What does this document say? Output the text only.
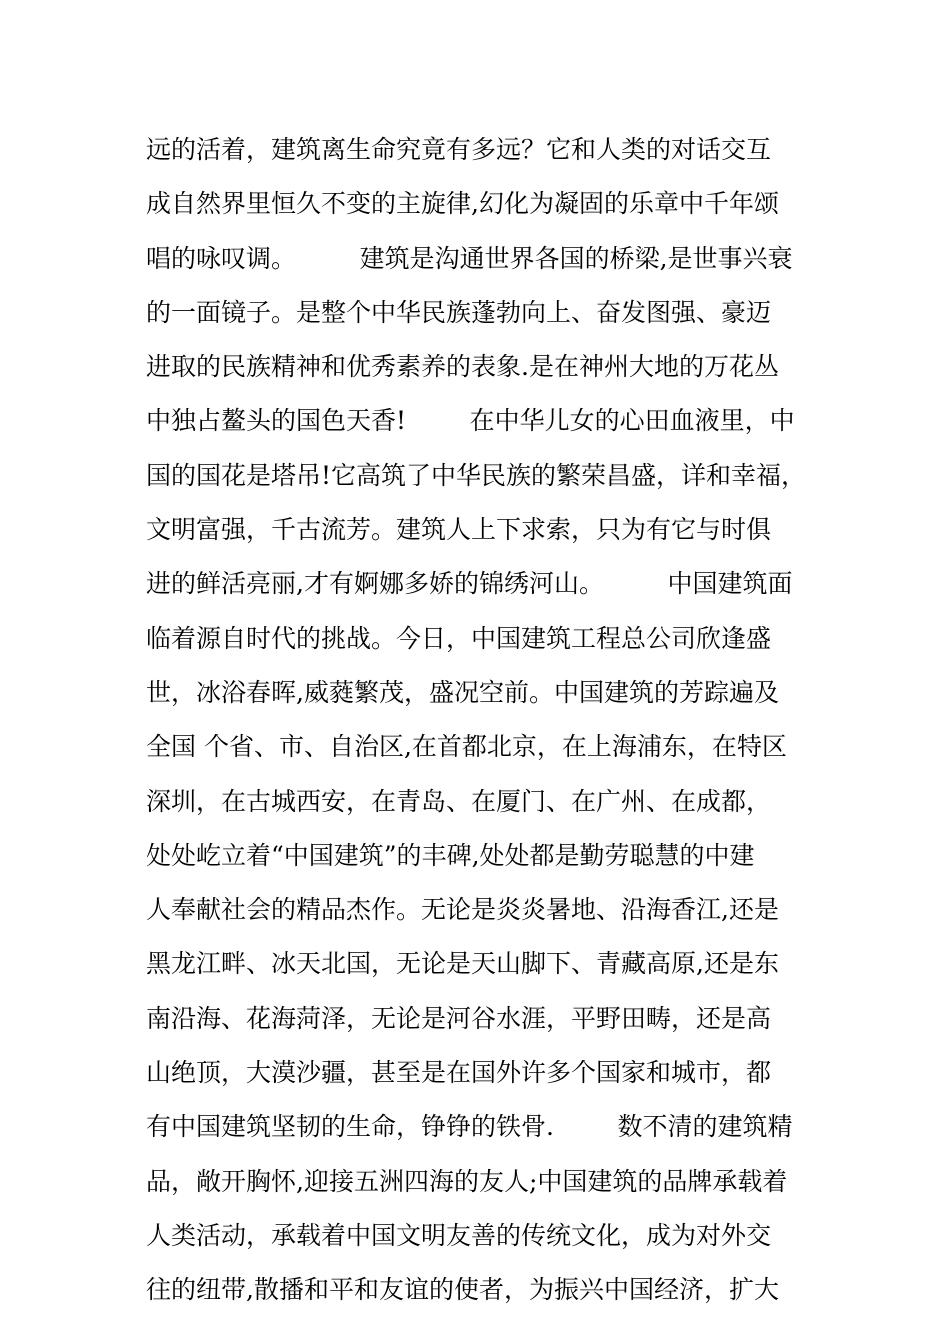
远的活着，建筑离生命究竟有多远？它和人类的对话交互
成自然界里恒久不变的主旋律,幻化为凝固的乐章中千年颂
唱的咏叹调。        建筑是沟通世界各国的桥梁,是世事兴衰
的一面镜子。是整个中华民族蓬勃向上、奋发图强、豪迈
进取的民族精神和优秀素养的表象.是在神州大地的万花丛
中独占鳌头的国色天香!        在中华儿女的心田血液里，中
国的国花是塔吊!它高筑了中华民族的繁荣昌盛，详和幸福，
文明富强，千古流芳。建筑人上下求索，只为有它与时俱
进的鲜活亮丽,才有婀娜多娇的锦绣河山。        中国建筑面
临着源自时代的挑战。今日，中国建筑工程总公司欣逢盛
世，冰浴春晖,威蕤繁茂，盛况空前。中国建筑的芳踪遍及
全国 个省、市、自治区,在首都北京，在上海浦东，在特区
深圳，在古城西安，在青岛、在厦门、在广州、在成都，
处处屹立着“中国建筑”的丰碑,处处都是勤劳聪慧的中建
人奉献社会的精品杰作。无论是炎炎暑地、沿海香江,还是
黑龙江畔、冰天北国，无论是天山脚下、青藏高原,还是东
南沿海、花海菏泽，无论是河谷水涯，平野田畴，还是高
山绝顶，大漠沙疆，甚至是在国外许多个国家和城市，都
有中国建筑坚韧的生命，铮铮的铁骨.        数不清的建筑精
品，敞开胸怀,迎接五洲四海的友人;中国建筑的品牌承载着
人类活动，承载着中国文明友善的传统文化，成为对外交
往的纽带,散播和平和友谊的使者，为振兴中国经济，扩大
